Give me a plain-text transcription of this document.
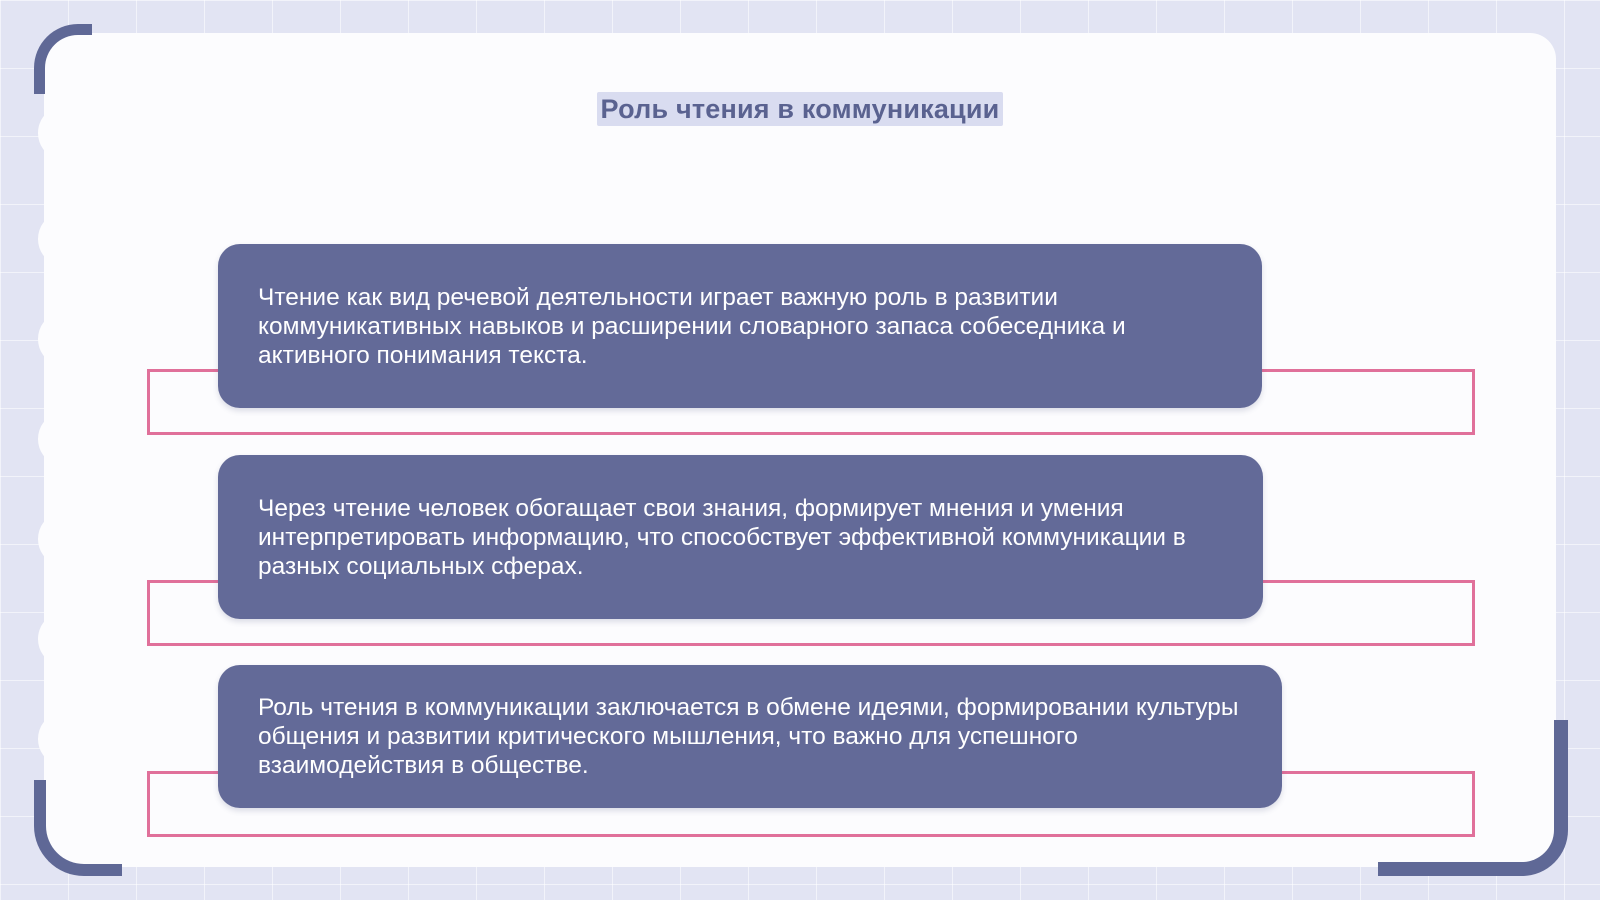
Роль чтения в коммуникации

Чтение как вид речевой деятельности играет важную роль в развитии коммуникативных навыков и расширении словарного запаса собеседника и активного понимания текста.

Через чтение человек обогащает свои знания, формирует мнения и умения интерпретировать информацию, что способствует эффективной коммуникации в разных социальных сферах.

Роль чтения в коммуникации заключается в обмене идеями, формировании культуры общения и развитии критического мышления, что важно для успешного взаимодействия в обществе.
